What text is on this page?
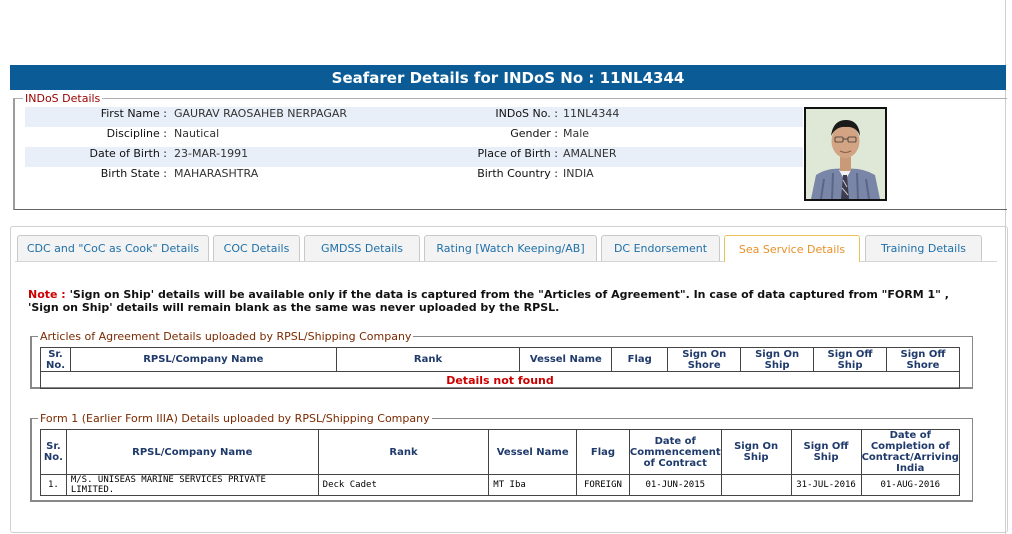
Seafarer Details for INDoS No : 11NL4344
INDoS Details
First Name : GAURAV RAOSAHEB NERPAGAR	INDoS No. : 11NL4344
Discipline : Nautical	Gender : Male
Date of Birth : 23-MAR-1991	Place of Birth : AMALNER
Birth State : MAHARASHTRA	Birth Country : INDIA
CDC and "CoC as Cook" Details	COC Details	GMDSS Details	Rating [Watch Keeping/AB]	DC Endorsement	Sea Service Details	Training Details
Note : 'Sign on Ship' details will be available only if the data is captured from the "Articles of Agreement". In case of data captured from "FORM 1" , 'Sign on Ship' details will remain blank as the same was never uploaded by the RPSL.
Articles of Agreement Details uploaded by RPSL/Shipping Company
Sr. No.	RPSL/Company Name	Rank	Vessel Name	Flag	Sign On Shore	Sign On Ship	Sign Off Ship	Sign Off Shore
Details not found
Form 1 (Earlier Form IIIA) Details uploaded by RPSL/Shipping Company
Sr. No.	RPSL/Company Name	Rank	Vessel Name	Flag	Date of Commencement of Contract	Sign On Ship	Sign Off Ship	Date of Completion of Contract/Arriving India
1.	M/S. UNISEAS MARINE SERVICES PRIVATE LIMITED.	Deck Cadet	MT Iba	FOREIGN	01-JUN-2015		31-JUL-2016	01-AUG-2016
